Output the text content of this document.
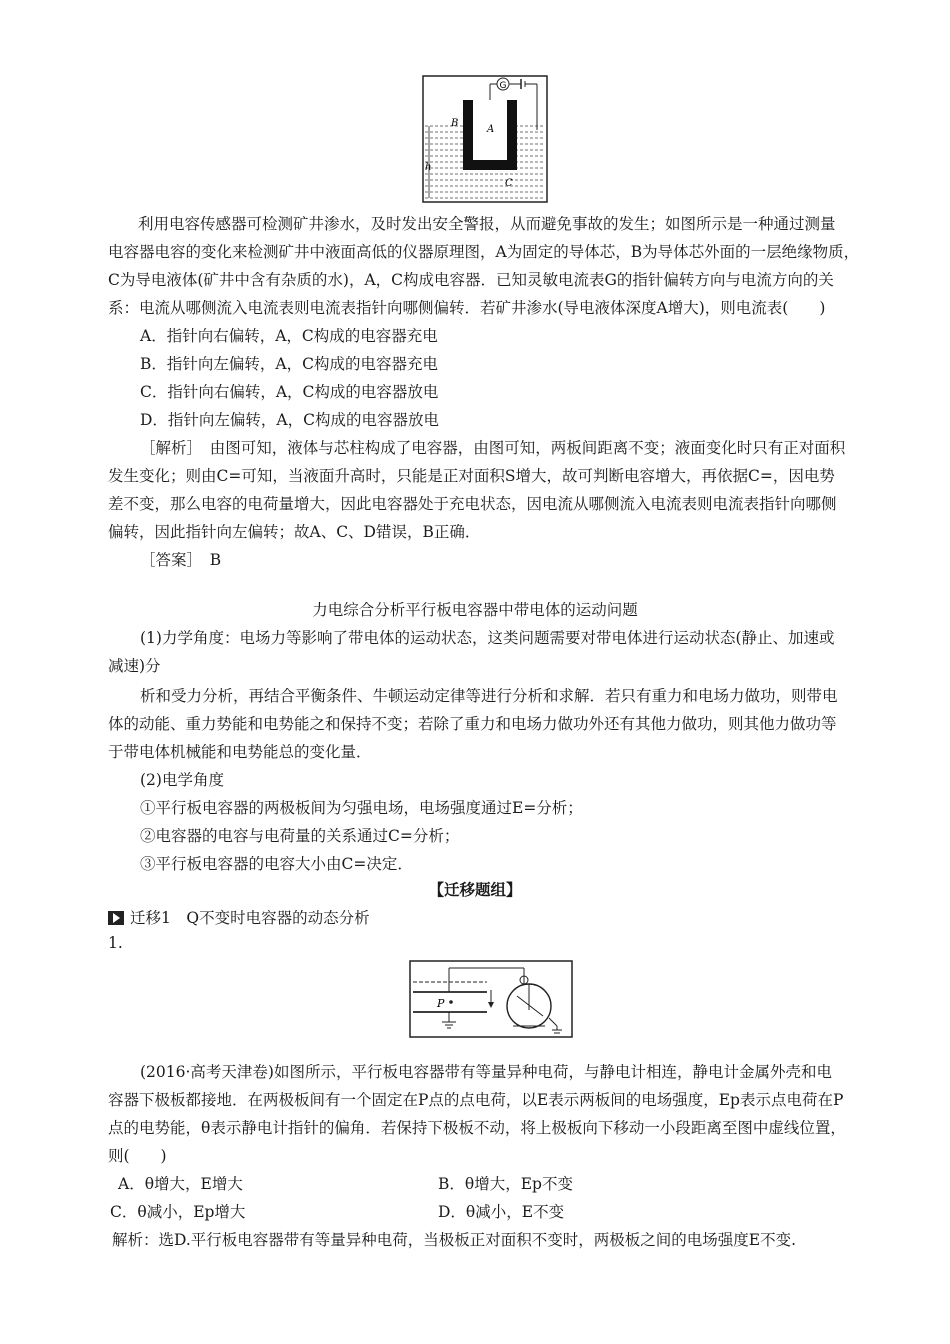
G
B
A
h
C
利用电容传感器可检测矿井渗水，及时发出安全警报，从而避免事故的发生；如图所示是一种通过测量
电容器电容的变化来检测矿井中液面高低的仪器原理图，A为固定的导体芯，B为导体芯外面的一层绝缘物质，
C为导电液体(矿井中含有杂质的水)，A，C构成电容器．已知灵敏电流表G的指针偏转方向与电流方向的关
系：电流从哪侧流入电流表则电流表指针向哪侧偏转．若矿井渗水(导电液体深度A增大)，则电流表(　　)
A．指针向右偏转，A，C构成的电容器充电
B．指针向左偏转，A，C构成的电容器充电
C．指针向右偏转，A，C构成的电容器放电
D．指针向左偏转，A，C构成的电容器放电
［解析］　由图可知，液体与芯柱构成了电容器，由图可知，两板间距离不变；液面变化时只有正对面积
发生变化；则由C=可知，当液面升高时，只能是正对面积S增大，故可判断电容增大，再依据C=，因电势
差不变，那么电容的电荷量增大，因此电容器处于充电状态，因电流从哪侧流入电流表则电流表指针向哪侧
偏转，因此指针向左偏转；故A、C、D错误，B正确．
［答案］　B
力电综合分析平行板电容器中带电体的运动问题
(1)力学角度：电场力等影响了带电体的运动状态，这类问题需要对带电体进行运动状态(静止、加速或
减速)分
析和受力分析，再结合平衡条件、牛顿运动定律等进行分析和求解．若只有重力和电场力做功，则带电
体的动能、重力势能和电势能之和保持不变；若除了重力和电场力做功外还有其他力做功，则其他力做功等
于带电体机械能和电势能总的变化量．
(2)电学角度
①平行板电容器的两极板间为匀强电场，电场强度通过E=分析；
②电容器的电容与电荷量的关系通过C=分析；
③平行板电容器的电容大小由C=决定．
【迁移题组】
迁移1　Q不变时电容器的动态分析
1.
P
(2016·高考天津卷)如图所示，平行板电容器带有等量异种电荷，与静电计相连，静电计金属外壳和电
容器下极板都接地．在两极板间有一个固定在P点的点电荷，以E表示两板间的电场强度，Ep表示点电荷在P
点的电势能，θ表示静电计指针的偏角．若保持下极板不动，将上极板向下移动一小段距离至图中虚线位置，
则(　　)
A．θ增大，E增大	B．θ增大，Ep不变
C．θ减小，Ep增大	D．θ减小，E不变
解析：选D.平行板电容器带有等量异种电荷，当极板正对面积不变时，两极板之间的电场强度E不变.
